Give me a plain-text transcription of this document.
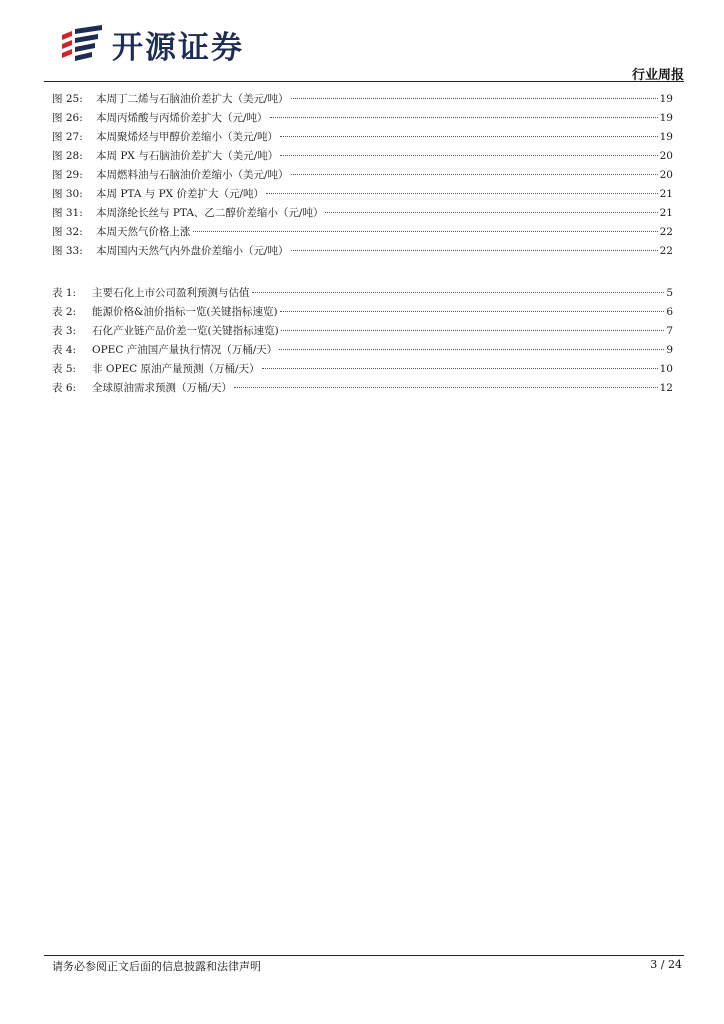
开源证券
行业周报
图 25:	本周丁二烯与石脑油价差扩大（美元/吨）	19
图 26:	本周丙烯酸与丙烯价差扩大（元/吨）	19
图 27:	本周聚烯烃与甲醇价差缩小（美元/吨）	19
图 28:	本周 PX 与石脑油价差扩大（美元/吨）	20
图 29:	本周燃料油与石脑油价差缩小（美元/吨）	20
图 30:	本周 PTA 与 PX 价差扩大（元/吨）	21
图 31:	本周涤纶长丝与 PTA、乙二醇价差缩小（元/吨）	21
图 32:	本周天然气价格上涨	22
图 33:	本周国内天然气内外盘价差缩小（元/吨）	22
表 1:	主要石化上市公司盈利预测与估值	5
表 2:	能源价格&油价指标一览(关键指标速览)	6
表 3:	石化产业链产品价差一览(关键指标速览)	7
表 4:	OPEC 产油国产量执行情况（万桶/天）	9
表 5:	非 OPEC 原油产量预测（万桶/天）	10
表 6:	全球原油需求预测（万桶/天）	12
请务必参阅正文后面的信息披露和法律声明	3 / 24
